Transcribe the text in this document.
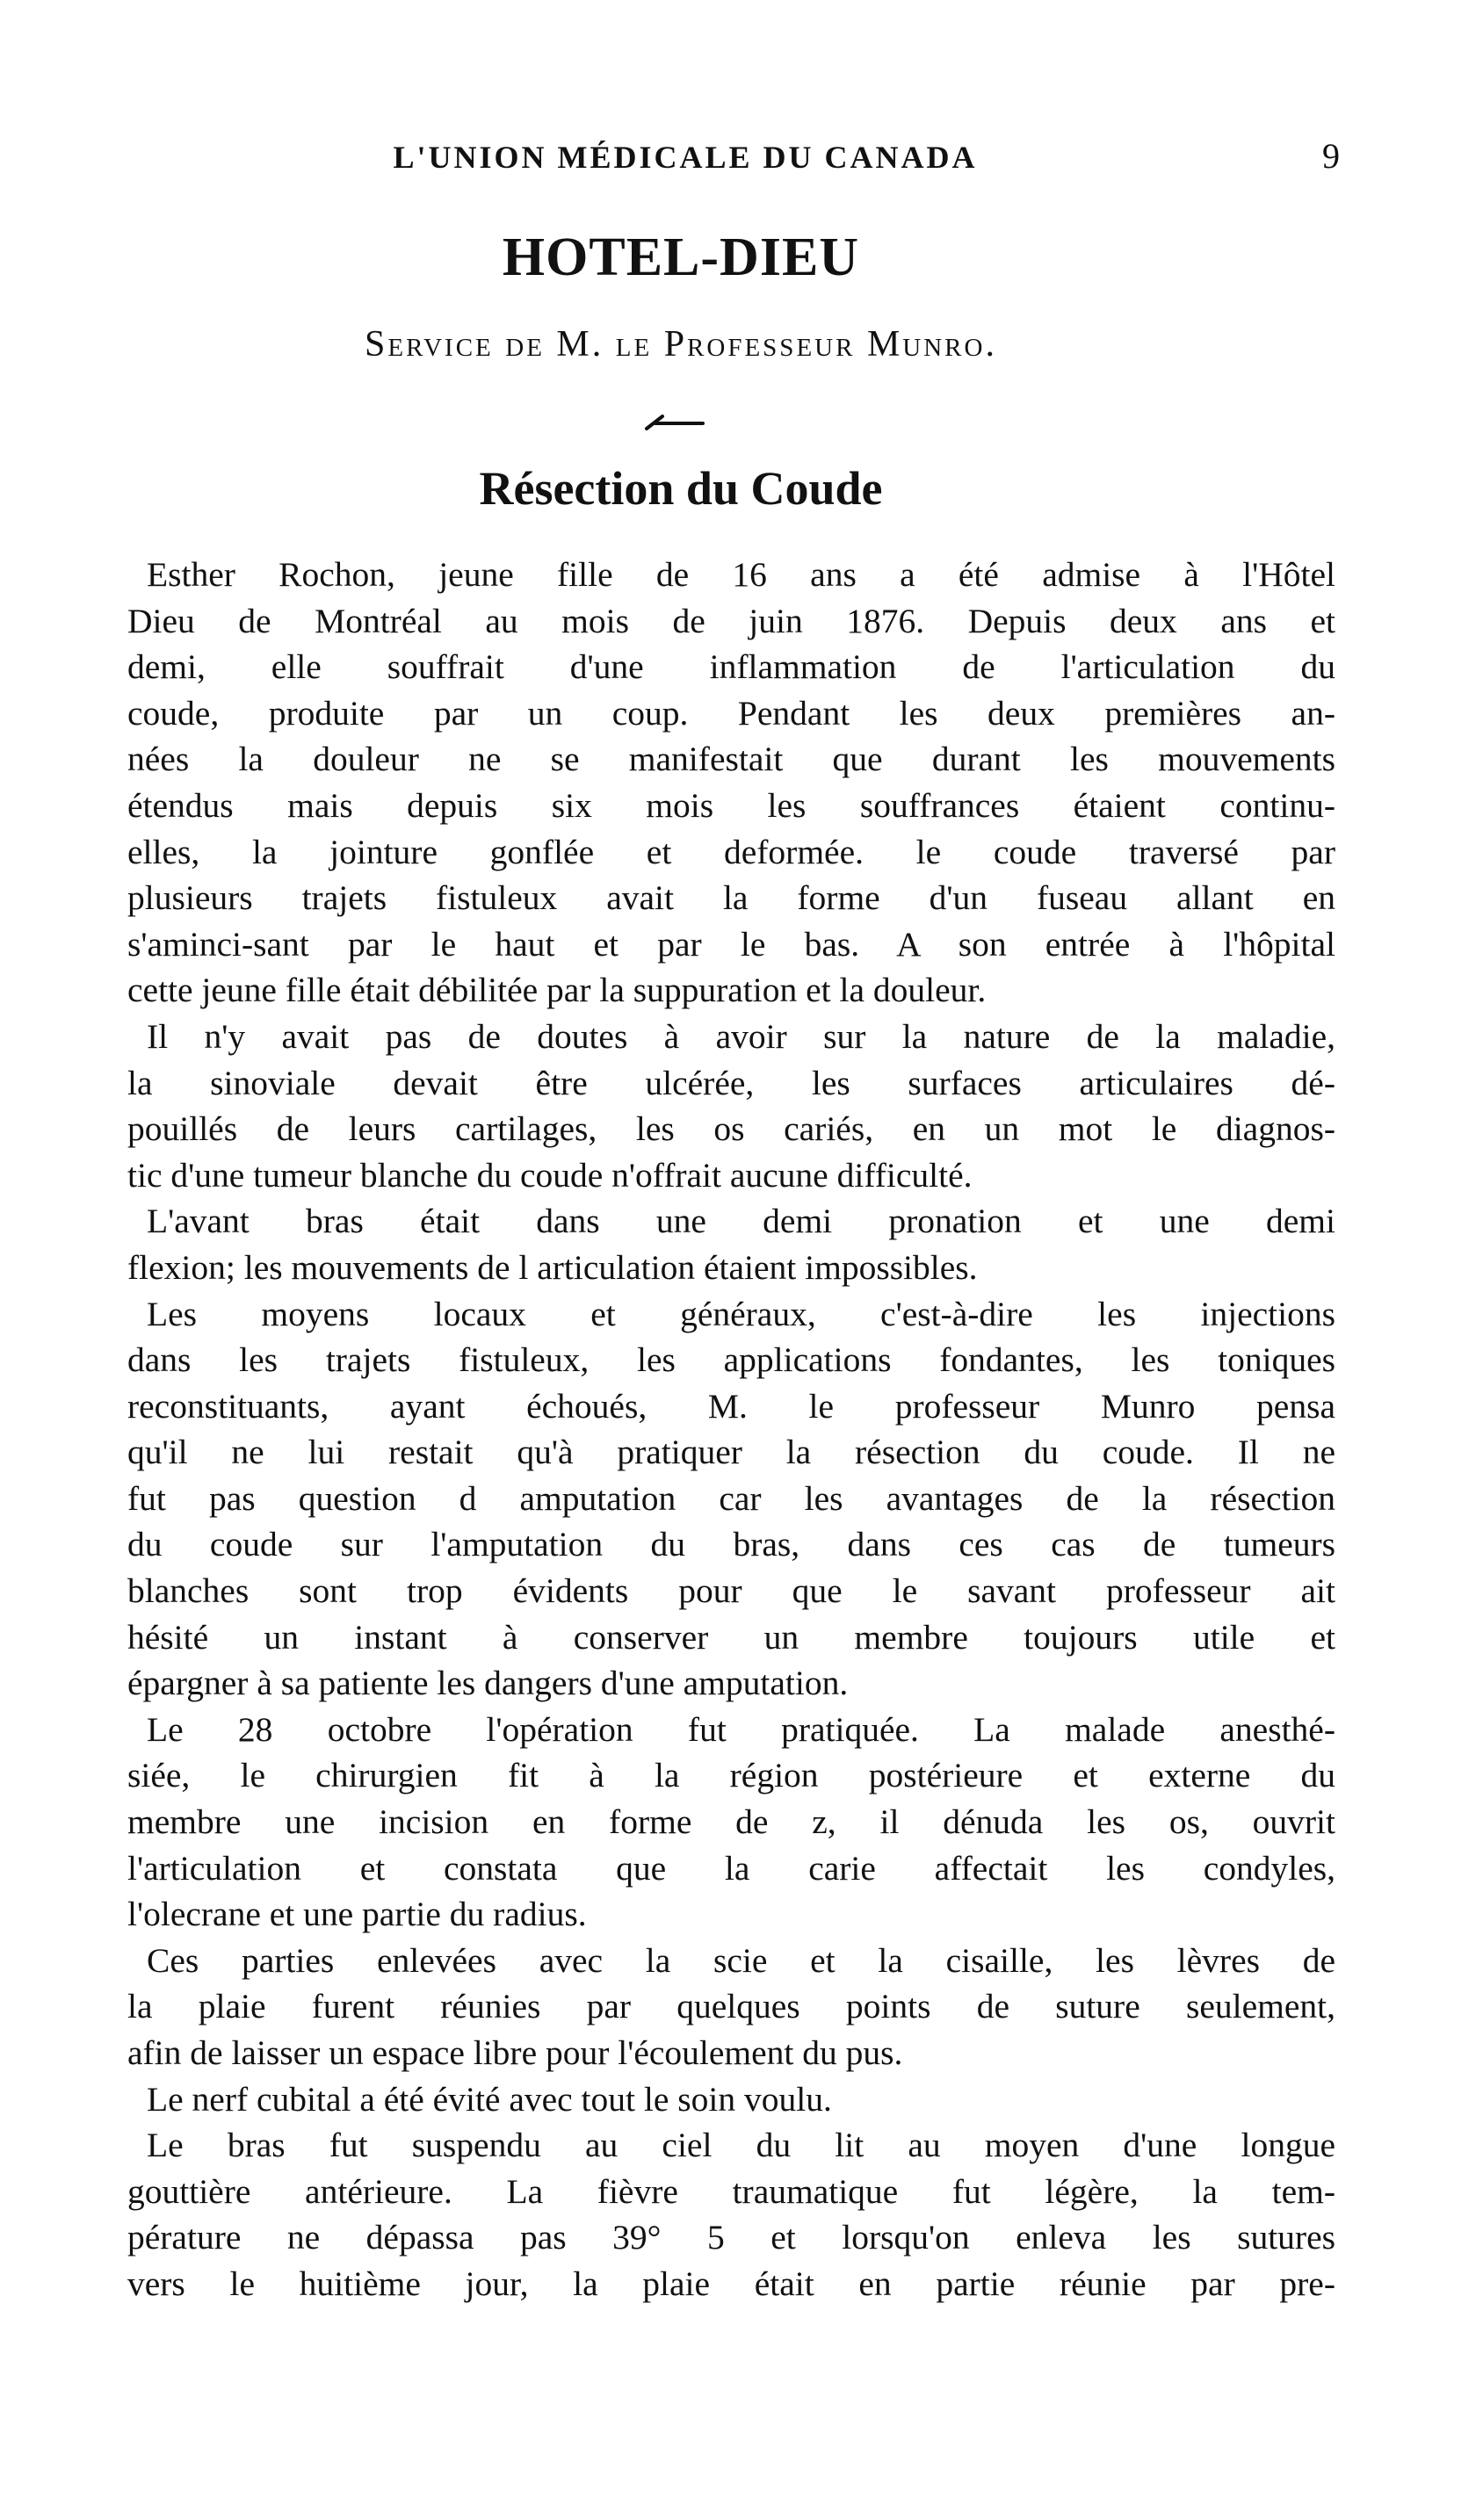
L'UNION MÉDICALE DU CANADA	9
HOTEL-DIEU
Service de M. le Professeur Munro.
Résection du Coude
Esther Rochon, jeune fille de 16 ans a été admise à l'Hôtel
Dieu de Montréal au mois de juin 1876. Depuis deux ans et
demi, elle souffrait d'une inflammation de l'articulation du
coude, produite par un coup. Pendant les deux premières an-
nées la douleur ne se manifestait que durant les mouvements
étendus mais depuis six mois les souffrances étaient continu-
elles, la jointure gonflée et deformée. le coude traversé par
plusieurs trajets fistuleux avait la forme d'un fuseau allant en
s'aminci-sant par le haut et par le bas. A son entrée à l'hôpital
cette jeune fille était débilitée par la suppuration et la douleur.
Il n'y avait pas de doutes à avoir sur la nature de la maladie,
la sinoviale devait être ulcérée, les surfaces articulaires dé-
pouillés de leurs cartilages, les os cariés, en un mot le diagnos-
tic d'une tumeur blanche du coude n'offrait aucune difficulté.
L'avant bras était dans une demi pronation et une demi
flexion; les mouvements de l articulation étaient impossibles.
Les moyens locaux et généraux, c'est-à-dire les injections
dans les trajets fistuleux, les applications fondantes, les toniques
reconstituants, ayant échoués, M. le professeur Munro pensa
qu'il ne lui restait qu'à pratiquer la résection du coude. Il ne
fut pas question d amputation car les avantages de la résection
du coude sur l'amputation du bras, dans ces cas de tumeurs
blanches sont trop évidents pour que le savant professeur ait
hésité un instant à conserver un membre toujours utile et
épargner à sa patiente les dangers d'une amputation.
Le 28 octobre l'opération fut pratiquée. La malade anesthé-
siée, le chirurgien fit à la région postérieure et externe du
membre une incision en forme de z, il dénuda les os, ouvrit
l'articulation et constata que la carie affectait les condyles,
l'olecrane et une partie du radius.
Ces parties enlevées avec la scie et la cisaille, les lèvres de
la plaie furent réunies par quelques points de suture seulement,
afin de laisser un espace libre pour l'écoulement du pus.
Le nerf cubital a été évité avec tout le soin voulu.
Le bras fut suspendu au ciel du lit au moyen d'une longue
gouttière antérieure. La fièvre traumatique fut légère, la tem-
pérature ne dépassa pas 39° 5 et lorsqu'on enleva les sutures
vers le huitième jour, la plaie était en partie réunie par pre-
